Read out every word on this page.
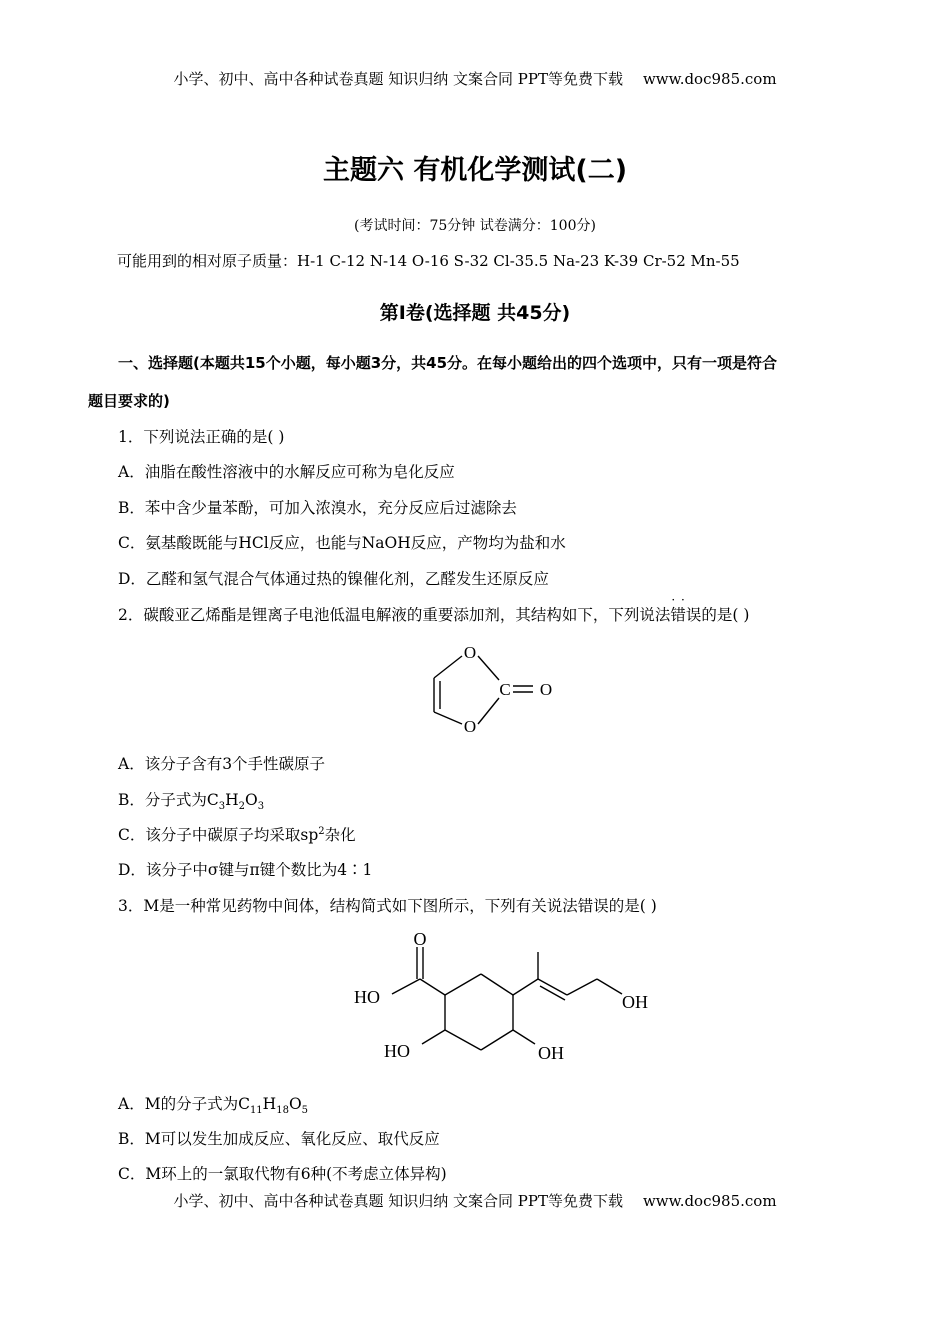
小学、初中、高中各种试卷真题 知识归纳 文案合同 PPT等免费下载 www.doc985.com
主题六 有机化学测试(二)
(考试时间：75分钟 试卷满分：100分)
可能用到的相对原子质量：H-1 C-12 N-14 O-16 S-32 Cl-35.5 Na-23 K-39 Cr-52 Mn-55
第Ⅰ卷(选择题 共45分)
一、选择题(本题共15个小题，每小题3分，共45分。在每小题给出的四个选项中，只有一项是符合
题目要求的)
1．下列说法正确的是( )
A．油脂在酸性溶液中的水解反应可称为皂化反应
B．苯中含少量苯酚，可加入浓溴水，充分反应后过滤除去
C．氨基酸既能与HCl反应，也能与NaOH反应，产物均为盐和水
D．乙醛和氢气混合气体通过热的镍催化剂，乙醛发生还原反应
2．碳酸亚乙烯酯是锂离子电池低温电解液的重要添加剂，其结构如下，下列说法· · 错误的是( )
O
O
C O
A．该分子含有3个手性碳原子
B．分子式为$C_3H_2O_3$
C．该分子中碳原子均采取$sp^2$杂化
D．该分子中σ键与π键个数比为4∶1
3．M是一种常见药物中间体，结构简式如下图所示，下列有关说法错误的是( )
O
HO
HO	OH
OH
A．M的分子式为$C_{11}H_{18}O_5$
B．M可以发生加成反应、氧化反应、取代反应
C．M环上的一氯取代物有6种(不考虑立体异构)
小学、初中、高中各种试卷真题 知识归纳 文案合同 PPT等免费下载 www.doc985.com
